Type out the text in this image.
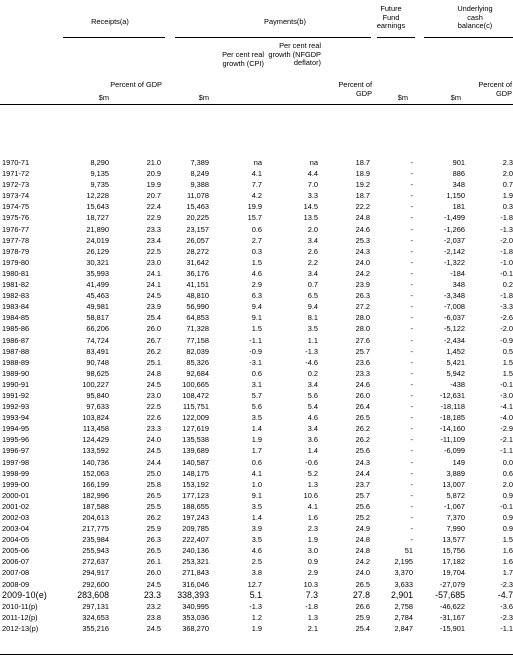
Receipts(a)	Payments(b)
Future Fund earnings
Underlying cash balance(c)
Percent of GDP
Per cent real growth (CPI)
Per cent real growth (NFGDP deflator)
Percent of GDP
Percent of GDP
$m	$m	$m	$m
1970-71	8,290	21.0	7,389	na	na	18.7	-	901	2.3
1971-72	9,135	20.9	8,249	4.1	4.4	18.9	-	886	2.0
1972-73	9,735	19.9	9,388	7.7	7.0	19.2	-	348	0.7
1973-74	12,228	20.7	11,078	4.2	3.3	18.7	-	1,150	1.9
1974-75	15,643	22.4	15,463	19.9	14.5	22.2	-	181	0.3
1975-76	18,727	22.9	20,225	15.7	13.5	24.8	-	-1,499	-1.8
1976-77	21,890	23.3	23,157	0.6	2.0	24.6	-	-1,266	-1.3
1977-78	24,019	23.4	26,057	2.7	3.4	25.3	-	-2,037	-2.0
1978-79	26,129	22.5	28,272	0.3	2.6	24.3	-	-2,142	-1.8
1979-80	30,321	23.0	31,642	1.5	2.2	24.0	-	-1,322	-1.0
1980-81	35,993	24.1	36,176	4.6	3.4	24.2	-	-184	-0.1
1981-82	41,499	24.1	41,151	2.9	0.7	23.9	-	348	0.2
1982-83	45,463	24.5	48,810	6.3	6.5	26.3	-	-3,348	-1.8
1983-84	49,981	23.9	56,990	9.4	9.4	27.2	-	-7,008	-3.3
1984-85	58,817	25.4	64,853	9.1	8.1	28.0	-	-6,037	-2.6
1985-86	66,206	26.0	71,328	1.5	3.5	28.0	-	-5,122	-2.0
1986-87	74,724	26.7	77,158	-1.1	1.1	27.6	-	-2,434	-0.9
1987-88	83,491	26.2	82,039	-0.9	-1.3	25.7	-	1,452	0.5
1988-89	90,748	25.1	85,326	-3.1	-4.6	23.6	-	5,421	1.5
1989-90	98,625	24.8	92,684	0.6	0.2	23.3	-	5,942	1.5
1990-91	100,227	24.5	100,665	3.1	3.4	24.6	-	-438	-0.1
1991-92	95,840	23.0	108,472	5.7	5.6	26.0	-	-12,631	-3.0
1992-93	97,633	22.5	115,751	5.6	5.4	26.4	-	-18,118	-4.1
1993-94	103,824	22.6	122,009	3.5	4.6	26.5	-	-18,185	-4.0
1994-95	113,458	23.3	127,619	1.4	3.4	26.2	-	-14,160	-2.9
1995-96	124,429	24.0	135,538	1.9	3.6	26.2	-	-11,109	-2.1
1996-97	133,592	24.5	139,689	1.7	1.4	25.6	-	-6,099	-1.1
1997-98	140,736	24.4	140,587	0.6	-0.6	24.3	-	149	0.0
1998-99	152,063	25.0	148,175	4.1	5.2	24.4	-	3,889	0.6
1999-00	166,199	25.8	153,192	1.0	1.3	23.7	-	13,007	2.0
2000-01	182,996	26.5	177,123	9.1	10.6	25.7	-	5,872	0.9
2001-02	187,588	25.5	188,655	3.5	4.1	25.6	-	-1,067	-0.1
2002-03	204,613	26.2	197,243	1.4	1.6	25.2	-	7,370	0.9
2003-04	217,775	25.9	209,785	3.9	2.3	24.9	-	7,990	0.9
2004-05	235,984	26.3	222,407	3.5	1.9	24.8	-	13,577	1.5
2005-06	255,943	26.5	240,136	4.6	3.0	24.8	51	15,756	1.6
2006-07	272,637	26.1	253,321	2.5	0.9	24.2	2,195	17,182	1.6
2007-08	294,917	26.0	271,843	3.8	2.9	24.0	3,370	19,704	1.7
2008-09	292,600	24.5	316,046	12.7	10.3	26.5	3,633	-27,079	-2.3
2009-10(e)	283,608	23.3	338,393	5.1	7.3	27.8	2,901	-57,685	-4.7
2010-11(p)	297,131	23.2	340,995	-1.3	-1.8	26.6	2,758	-46,622	-3.6
2011-12(p)	324,653	23.8	353,036	1.2	1.3	25.9	2,784	-31,167	-2.3
2012-13(p)	355,216	24.5	368,270	1.9	2.1	25.4	2,847	-15,901	-1.1
